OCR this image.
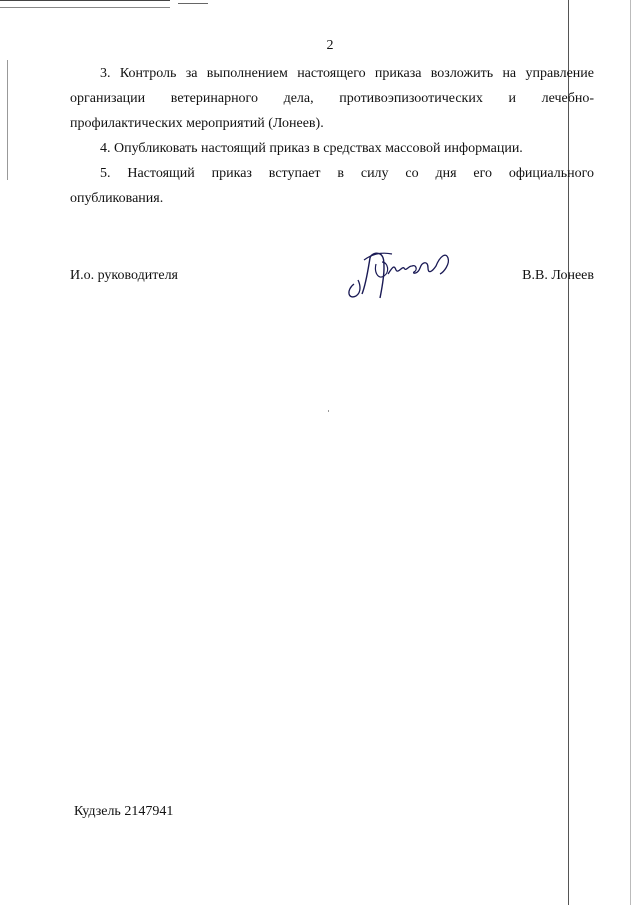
2
3. Контроль за выполнением настоящего приказа возложить на управление
организации ветеринарного дела, противоэпизоотических и лечебно-
профилактических мероприятий (Лонеев).
4. Опубликовать настоящий приказ в средствах массовой информации.
5. Настоящий приказ вступает в силу со дня его официального
опубликования.
И.о. руководителя	В.В. Лонеев
Кудзель 2147941
